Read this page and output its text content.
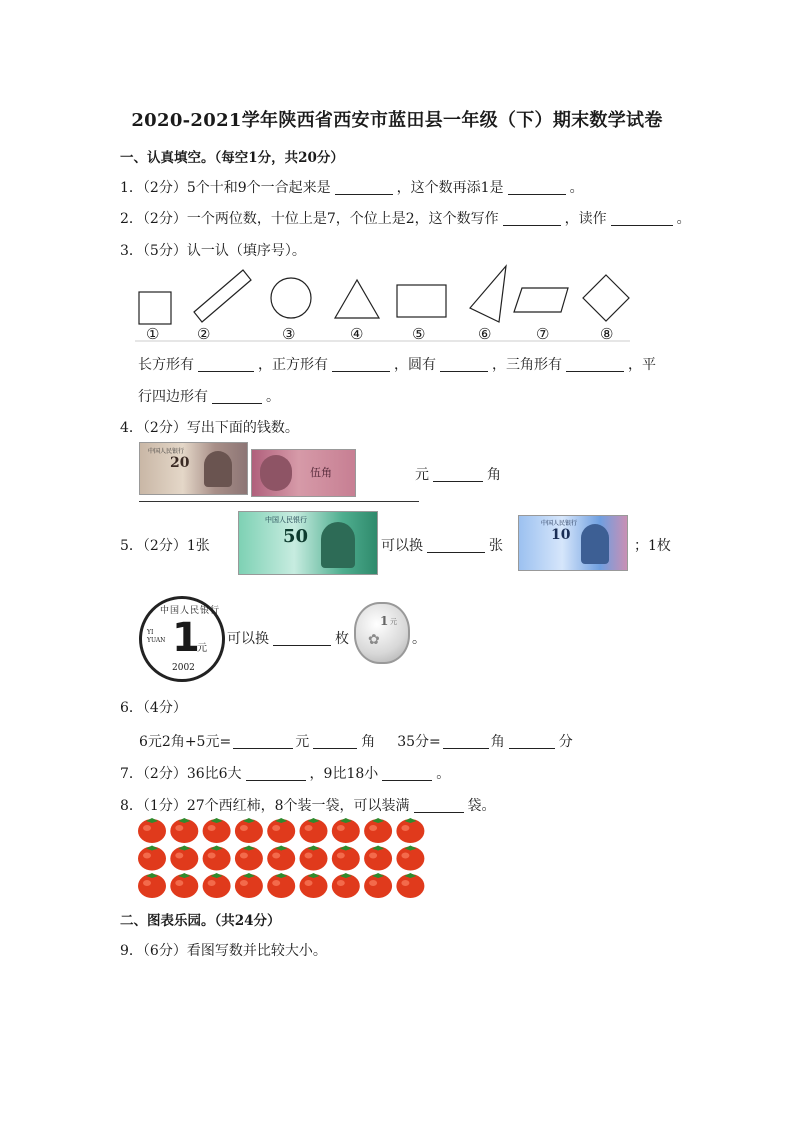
2020-2021学年陕西省西安市蓝田县一年级（下）期末数学试卷
一、认真填空。（每空1分，共20分）
1．（2分）5个十和9个一合起来是	，这个数再添1是	。
2．（2分）一个两位数，十位上是7，个位上是2，这个数写作	，读作	。
3．（5分）认一认（填序号）。
①	②	③	④	⑤	⑥	⑦	⑧
长方形有	，正方形有	，圆有	，三角形有	，平
行四边形有	。
4．（2分）写出下面的钱数。
中国人民银行
20
伍角	元	角
5．（2分）1张
中国人民银行
50	可以换	张
中国人民银行
10
；1枚
中国人民银行
1
元
YI YUAN
2002
可以换	枚
1 元
✿ 。
6．（4分）
6元2角+5元=	元	角 35分=	角	分
7．（2分）36比6大	，9比18小	。
8．（1分）27个西红柿，8个装一袋，可以装满	袋。
二、图表乐园。（共24分）
9．（6分）看图写数并比较大小。
